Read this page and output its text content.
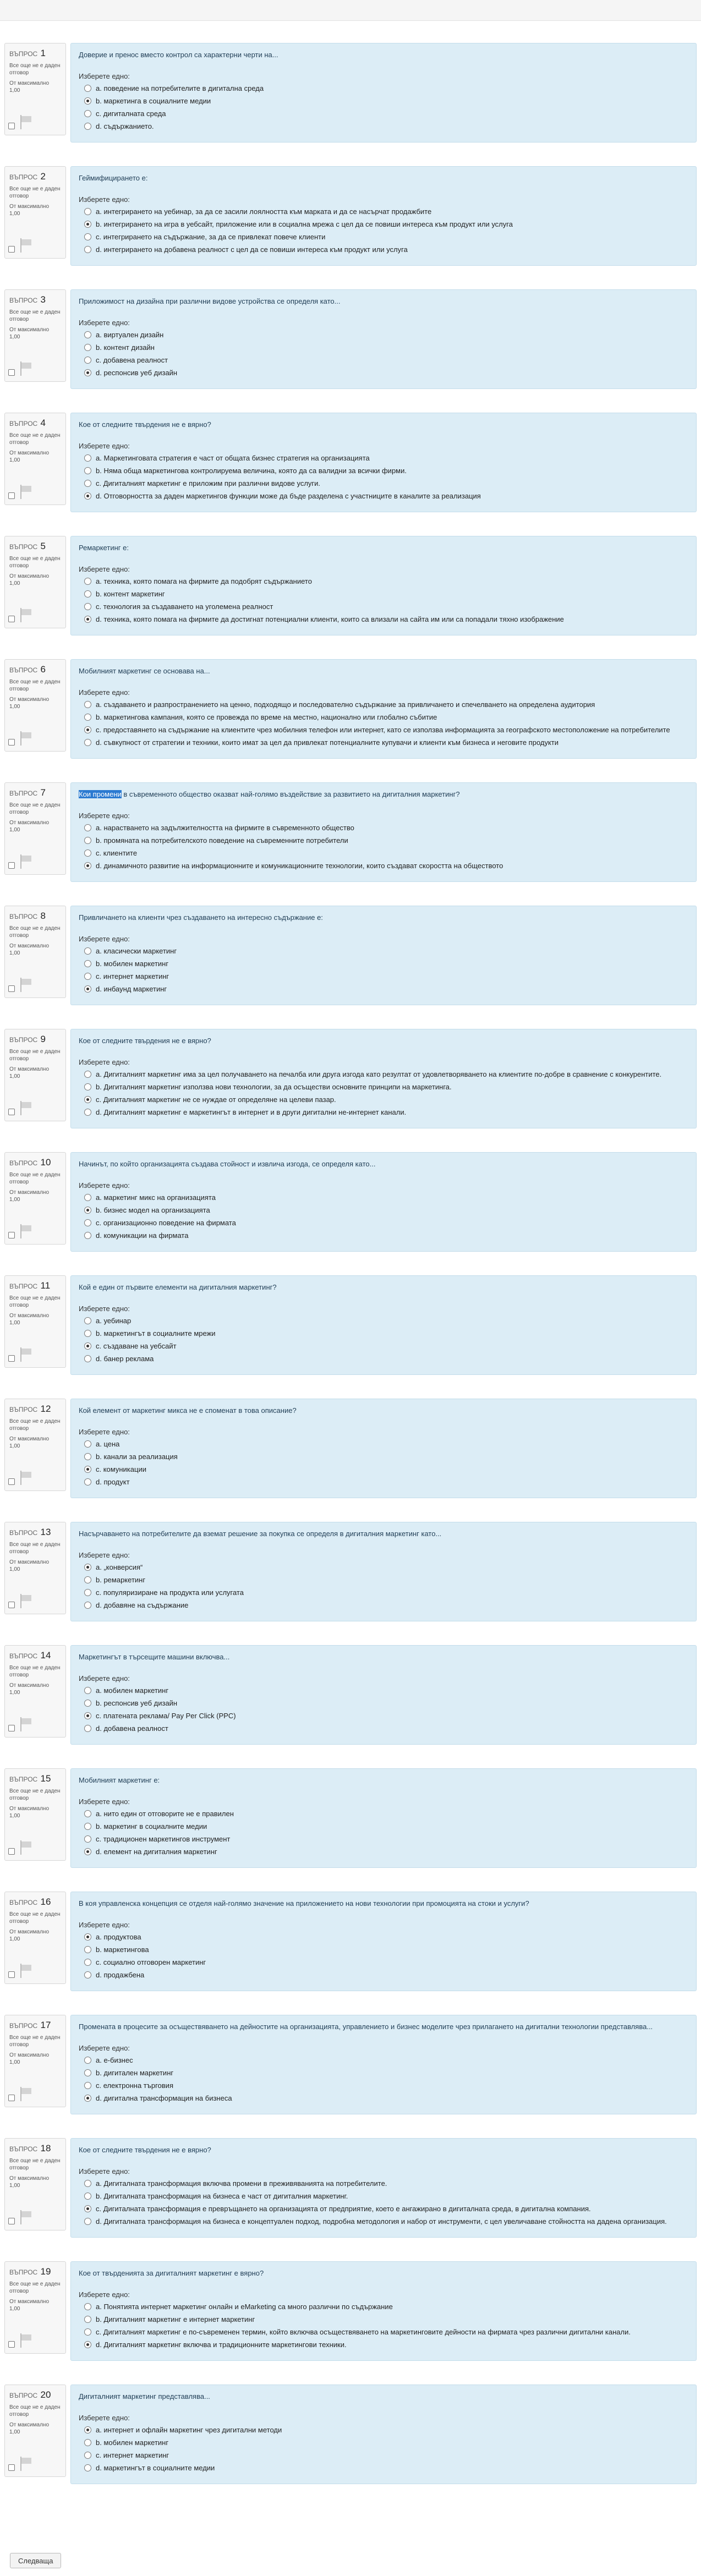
ВЪПРОС 1
Все още не е даден отговор
От максимално
1,00
Доверие и пренос вместо контрол са характерни черти на...
Изберете едно:
a. поведение на потребителите в дигитална среда
b. маркетинга в социалните медии
c. дигиталната среда
d. съдържанието.
ВЪПРОС 2
Все още не е даден отговор
От максимално
1,00
Геймифицирането е:
Изберете едно:
a. интегрирането на уебинар, за да се засили лоялността към марката и да се насърчат продажбите
b. интегрирането на игра в уебсайт, приложение или в социална мрежа с цел да се повиши интереса към продукт или услуга
c. интегрирането на съдържание, за да се привлекат повече клиенти
d. интегрирането на добавена реалност с цел да се повиши интереса към продукт или услуга
ВЪПРОС 3
Все още не е даден отговор
От максимално
1,00
Приложимост на дизайна при различни видове устройства се определя като...
Изберете едно:
a. виртуален дизайн
b. контент дизайн
c. добавена реалност
d. респонсив уеб дизайн
ВЪПРОС 4
Все още не е даден отговор
От максимално
1,00
Кое от следните твърдения не е вярно?
Изберете едно:
a. Маркетинговата стратегия е част от общата бизнес стратегия на организацията
b. Няма обща маркетингова контролируема величина, която да са валидни за всички фирми.
c. Дигиталният маркетинг е приложим при различни видове услуги.
d. Отговорността за даден маркетингов функции може да бъде разделена с участниците в каналите за реализация
ВЪПРОС 5
Все още не е даден отговор
От максимално
1,00
Ремаркетинг е:
Изберете едно:
a. техника, която помага на фирмите да подобрят съдържанието
b. контент маркетинг
c. технология за създаването на уголемена реалност
d. техника, която помага на фирмите да достигнат потенциални клиенти, които са влизали на сайта им или са попадали тяхно изображение
ВЪПРОС 6
Все още не е даден отговор
От максимално
1,00
Мобилният маркетинг се основава на...
Изберете едно:
a. създаването и разпространението на ценно, подходящо и последователно съдържание за привличането и спечелването на определена аудитория
b. маркетингова кампания, която се провежда по време на местно, национално или глобално събитие
c. предоставянето на съдържание на клиентите чрез мобилния телефон или интернет, като се използва информацията за географското местоположение на потребителите
d. съвкупност от стратегии и техники, които имат за цел да привлекат потенциалните купувачи и клиенти към бизнеса и неговите продукти
ВЪПРОС 7
Все още не е даден отговор
От максимално
1,00
Кои промени в съвременното общество оказват най-голямо въздействие за развитието на дигиталния маркетинг?
Изберете едно:
a. нарастването на задължителността на фирмите в съвременното общество
b. промяната на потребителското поведение на съвременните потребители
c. клиентите
d. динамичното развитие на информационните и комуникационните технологии, които създават скоростта на обществото
ВЪПРОС 8
Все още не е даден отговор
От максимално
1,00
Привличането на клиенти чрез създаването на интересно съдържание е:
Изберете едно:
a. класически маркетинг
b. мобилен маркетинг
c. интернет маркетинг
d. инбаунд маркетинг
ВЪПРОС 9
Все още не е даден отговор
От максимално
1,00
Кое от следните твърдения не е вярно?
Изберете едно:
a. Дигиталният маркетинг има за цел получаването на печалба или друга изгода като резултат от удовлетворяването на клиентите по-добре в сравнение с конкурентите.
b. Дигиталният маркетинг използва нови технологии, за да осъществи основните принципи на маркетинга.
c. Дигиталният маркетинг не се нуждае от определяне на целеви пазар.
d. Дигиталният маркетинг е маркетингът в интернет и в други дигитални не-интернет канали.
ВЪПРОС 10
Все още не е даден отговор
От максимално
1,00
Начинът, по който организацията създава стойност и извлича изгода, се определя като...
Изберете едно:
a. маркетинг микс на организацията
b. бизнес модел на организацията
c. организационно поведение на фирмата
d. комуникации на фирмата
ВЪПРОС 11
Все още не е даден отговор
От максимално
1,00
Кой е един от първите елементи на дигиталния маркетинг?
Изберете едно:
a. уебинар
b. маркетингът в социалните мрежи
c. създаване на уебсайт
d. банер реклама
ВЪПРОС 12
Все още не е даден отговор
От максимално
1,00
Кой елемент от маркетинг микса не е споменат в това описание?
Изберете едно:
a. цена
b. канали за реализация
c. комуникации
d. продукт
ВЪПРОС 13
Все още не е даден отговор
От максимално
1,00
Насърчаването на потребителите да вземат решение за покупка се определя в дигиталния маркетинг като...
Изберете едно:
a. „конверсия“
b. ремаркетинг
c. популяризиране на продукта или услугата
d. добавяне на съдържание
ВЪПРОС 14
Все още не е даден отговор
От максимално
1,00
Маркетингът в търсещите машини включва...
Изберете едно:
a. мобилен маркетинг
b. респонсив уеб дизайн
c. платената реклама/ Pay Per Click (PPC)
d. добавена реалност
ВЪПРОС 15
Все още не е даден отговор
От максимално
1,00
Мобилният маркетинг е:
Изберете едно:
a. нито един от отговорите не е правилен
b. маркетинг в социалните медии
c. традиционен маркетингов инструмент
d. елемент на дигиталния маркетинг
ВЪПРОС 16
Все още не е даден отговор
От максимално
1,00
В коя управленска концепция се отделя най-голямо значение на приложението на нови технологии при промоцията на стоки и услуги?
Изберете едно:
a. продуктова
b. маркетингова
c. социално отговорен маркетинг
d. продажбена
ВЪПРОС 17
Все още не е даден отговор
От максимално
1,00
Промената в процесите за осъществяването на дейностите на организацията, управлението и бизнес моделите чрез прилагането на дигитални технологии представлява...
Изберете едно:
a. е-бизнес
b. дигитален маркетинг
c. електронна търговия
d. дигитална трансформация на бизнеса
ВЪПРОС 18
Все още не е даден отговор
От максимално
1,00
Кое от следните твърдения не е вярно?
Изберете едно:
a. Дигиталната трансформация включва промени в преживяванията на потребителите.
b. Дигиталната трансформация на бизнеса е част от дигиталния маркетинг.
c. Дигиталната трансформация е превръщането на организацията от предприятие, което е ангажирано в дигиталната среда, в дигитална компания.
d. Дигиталната трансформация на бизнеса е концептуален подход, подробна методология и набор от инструменти, с цел увеличаване стойността на дадена организация.
ВЪПРОС 19
Все още не е даден отговор
От максимално
1,00
Кое от твърденията за дигиталният маркетинг е вярно?
Изберете едно:
a. Понятията интернет маркетинг онлайн и eMarketing са много различни по съдържание
b. Дигиталният маркетинг е интернет маркетинг
c. Дигиталният маркетинг е по-съвременен термин, който включва осъществяването на маркетинговите дейности на фирмата чрез различни дигитални канали.
d. Дигиталният маркетинг включва и традиционните маркетингови техники.
ВЪПРОС 20
Все още не е даден отговор
От максимално
1,00
Дигиталният маркетинг представлява...
Изберете едно:
a. интернет и офлайн маркетинг чрез дигитални методи
b. мобилен маркетинг
c. интернет маркетинг
d. маркетингът в социалните медии
Следваща
